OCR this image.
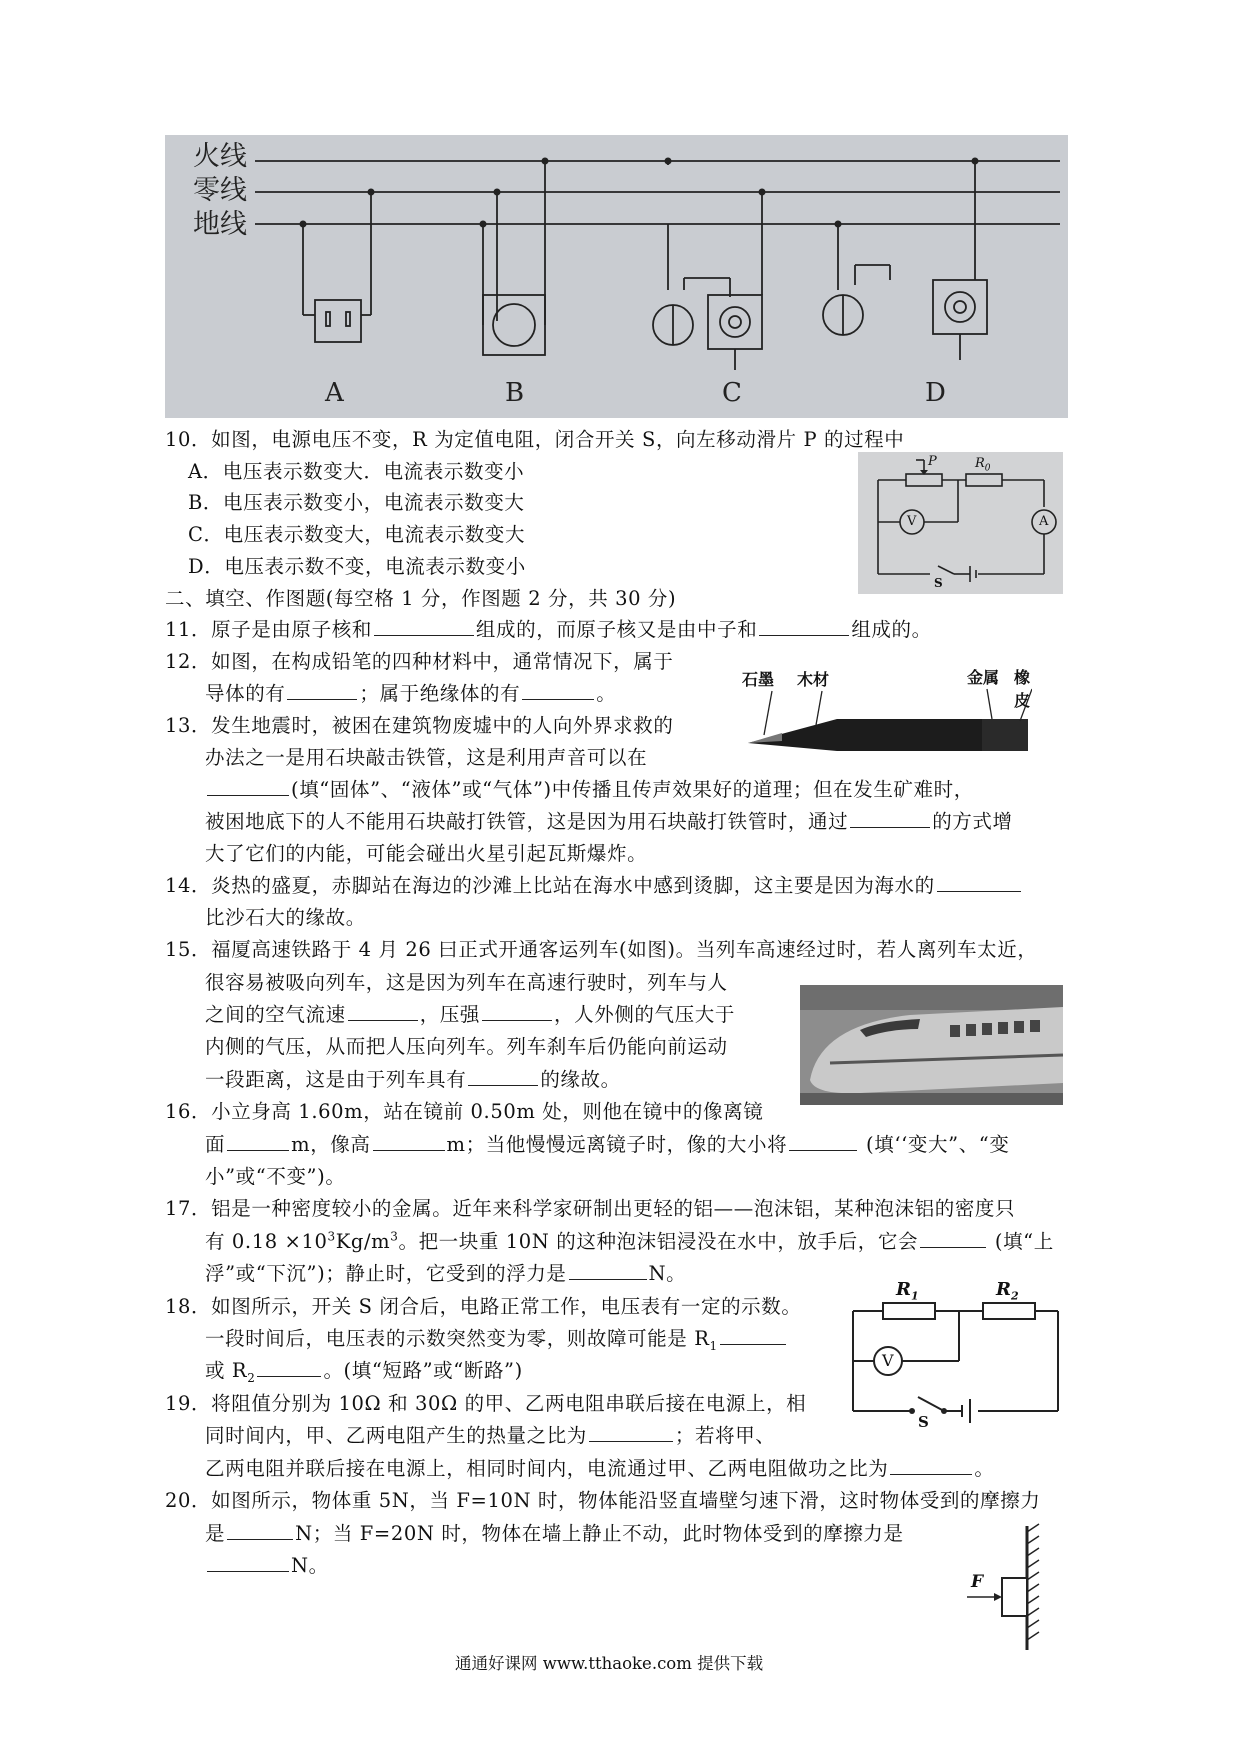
火线
零线
地线
A	B	C	D
10．如图，电源电压不变，R 为定值电阻，闭合开关 S，向左移动滑片 P 的过程中
A．电压表示数变大．电流表示数变小
B．电压表示数变小，电流表示数变大
C．电压表示数变大，电流表示数变大
D．电压表示数不变，电流表示数变小
P	$R_0$
V	A
S
二、填空、作图题(每空格 1 分，作图题 2 分，共 30 分)
11．原子是由原子核和	组成的，而原子核又是由中子和	组成的。
12．如图，在构成铅笔的四种材料中，通常情况下，属于
导体的有	；属于绝缘体的有	。
石墨 木材	金属 橡皮
13．发生地震时，被困在建筑物废墟中的人向外界求救的
办法之一是用石块敲击铁管，这是利用声音可以在
(填“固体”、“液体”或“气体”)中传播且传声效果好的道理；但在发生矿难时，
被困地底下的人不能用石块敲打铁管，这是因为用石块敲打铁管时，通过	的方式增
大了它们的内能，可能会碰出火星引起瓦斯爆炸。
14．炎热的盛夏，赤脚站在海边的沙滩上比站在海水中感到烫脚，这主要是因为海水的
比沙石大的缘故。
15．福厦高速铁路于 4 月 26 曰正式开通客运列车(如图)。当列车高速经过时，若人离列车太近，
很容易被吸向列车，这是因为列车在高速行驶时，列车与人
之间的空气流速	，压强	，人外侧的气压大于
内侧的气压，从而把人压向列车。列车刹车后仍能向前运动
一段距离，这是由于列车具有	的缘故。
16．小立身高 1.60m，站在镜前 0.50m 处，则他在镜中的像离镜
面	m，像高	m；当他慢慢远离镜子时，像的大小将	(填‘‘变大”、“变
小”或“不变”)。
17．铝是一种密度较小的金属。近年来科学家研制出更轻的铝——泡沫铝，某种泡沫铝的密度只
有 $0.18 \times 10^3Kg/m^3$。把一块重 10N 的这种泡沫铝浸没在水中，放手后，它会	(填“上
浮”或“下沉”)；静止时，它受到的浮力是	N。
18．如图所示，开关 S 闭合后，电路正常工作，电压表有一定的示数。
一段时间后，电压表的示数突然变为零，则故障可能是 $R_1$
或 $R_2$	。(填“短路”或“断路”)
$R_1$	$R_2$
V
S
19．将阻值分别为 10Ω 和 30Ω 的甲、乙两电阻串联后接在电源上，相
同时间内，甲、乙两电阻产生的热量之比为	；若将甲、
乙两电阻并联后接在电源上，相同时间内，电流通过甲、乙两电阻做功之比为	。
20．如图所示，物体重 5N，当 F=10N 时，物体能沿竖直墙壁匀速下滑，这时物体受到的摩擦力
是	N；当 F=20N 时，物体在墙上静止不动，此时物体受到的摩擦力是
N。
F
通通好课网 www.tthaoke.com 提供下载
